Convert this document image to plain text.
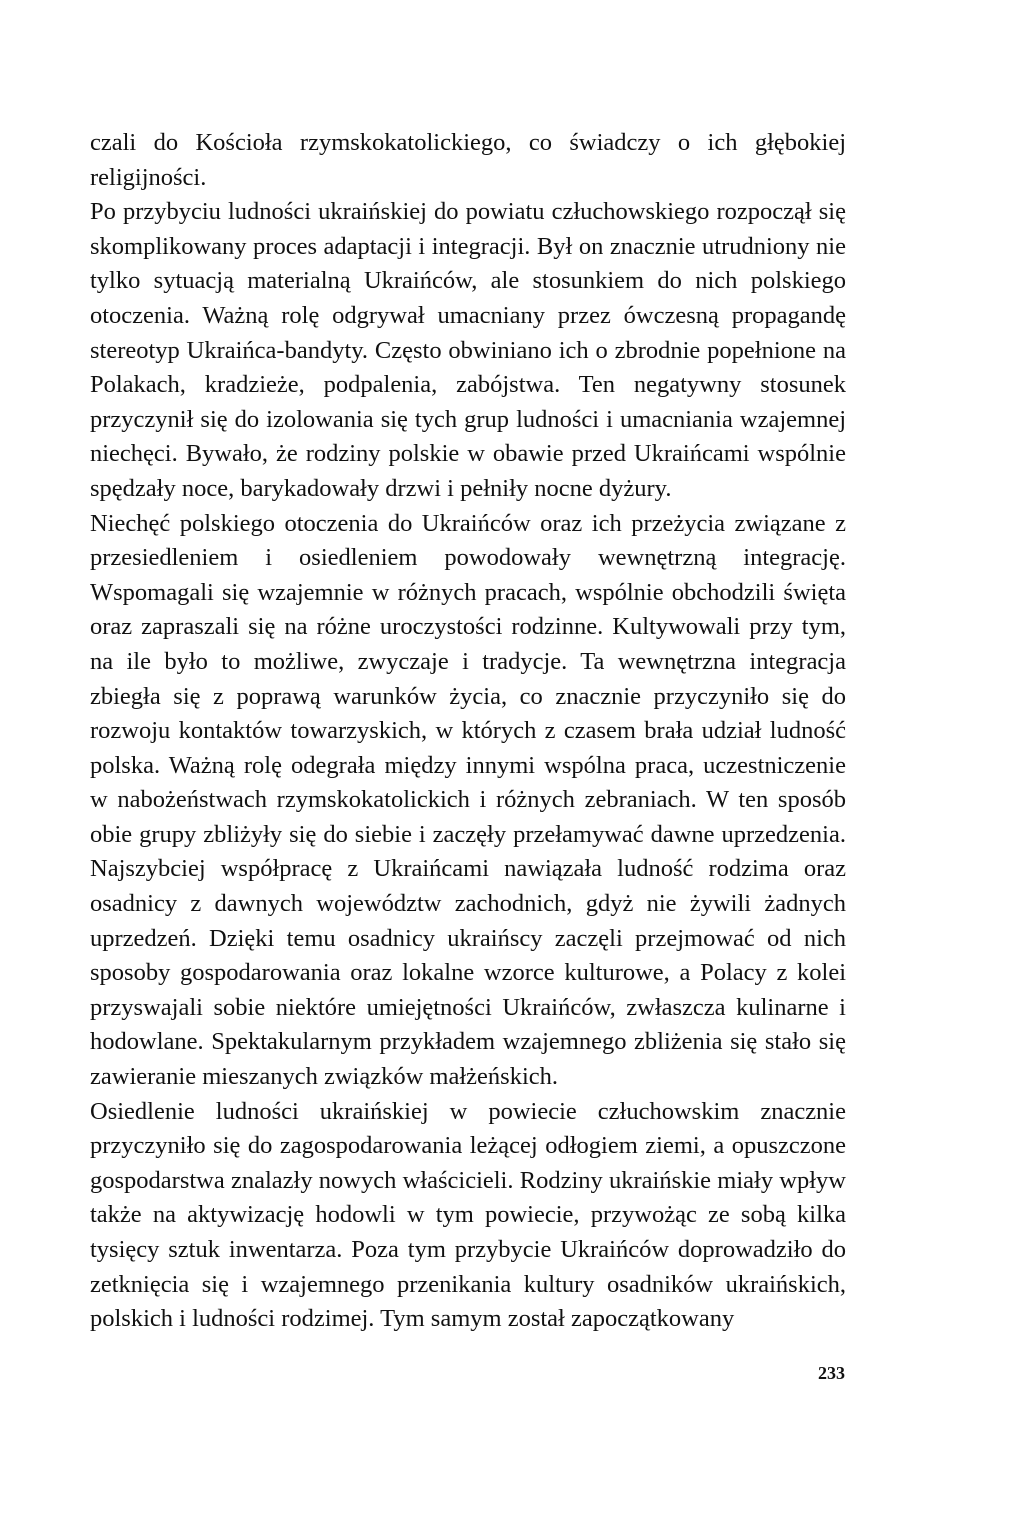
czali do Kościoła rzymskokatolickiego, co świadczy o ich głębokiej religijności.

Po przybyciu ludności ukraińskiej do powiatu człuchowskiego rozpoczął się skomplikowany proces adaptacji i integracji. Był on znacznie utrudniony nie tylko sytuacją materialną Ukraińców, ale stosunkiem do nich polskiego otoczenia. Ważną rolę odgrywał umacniany przez ówczesną propagandę stereotyp Ukraińca-bandyty. Często obwiniano ich o zbrodnie popełnione na Polakach, kradzieże, podpalenia, zabójstwa. Ten negatywny stosunek przyczynił się do izolowania się tych grup ludności i umacniania wzajemnej niechęci. Bywało, że rodziny polskie w obawie przed Ukraińcami wspólnie spędzały noce, barykadowały drzwi i pełniły nocne dyżury.

Niechęć polskiego otoczenia do Ukraińców oraz ich przeżycia związane z przesiedleniem i osiedleniem powodowały wewnętrzną integrację. Wspomagali się wzajemnie w różnych pracach, wspólnie obchodzili święta oraz zapraszali się na różne uroczystości rodzinne. Kultywowali przy tym, na ile było to możliwe, zwyczaje i tradycje. Ta wewnętrzna integracja zbiegła się z poprawą warunków życia, co znacznie przyczyniło się do rozwoju kontaktów towarzyskich, w których z czasem brała udział ludność polska. Ważną rolę odegrała między innymi wspólna praca, uczestniczenie w nabożeństwach rzymskokatolickich i różnych zebraniach. W ten sposób obie grupy zbliżyły się do siebie i zaczęły przełamywać dawne uprzedzenia. Najszybciej współpracę z Ukraińcami nawiązała ludność rodzima oraz osadnicy z dawnych województw zachodnich, gdyż nie żywili żadnych uprzedzeń. Dzięki temu osadnicy ukraińscy zaczęli przejmować od nich sposoby gospodarowania oraz lokalne wzorce kulturowe, a Polacy z kolei przyswajali sobie niektóre umiejętności Ukraińców, zwłaszcza kulinarne i hodowlane. Spektakularnym przykładem wzajemnego zbliżenia się stało się zawieranie mieszanych związków małżeńskich.

Osiedlenie ludności ukraińskiej w powiecie człuchowskim znacznie przyczyniło się do zagospodarowania leżącej odłogiem ziemi, a opuszczone gospodarstwa znalazły nowych właścicieli. Rodziny ukraińskie miały wpływ także na aktywizację hodowli w tym powiecie, przywożąc ze sobą kilka tysięcy sztuk inwentarza. Poza tym przybycie Ukraińców doprowadziło do zetknięcia się i wzajemnego przenikania kultury osadników ukraińskich, polskich i ludności rodzimej. Tym samym został zapoczątkowany

233
